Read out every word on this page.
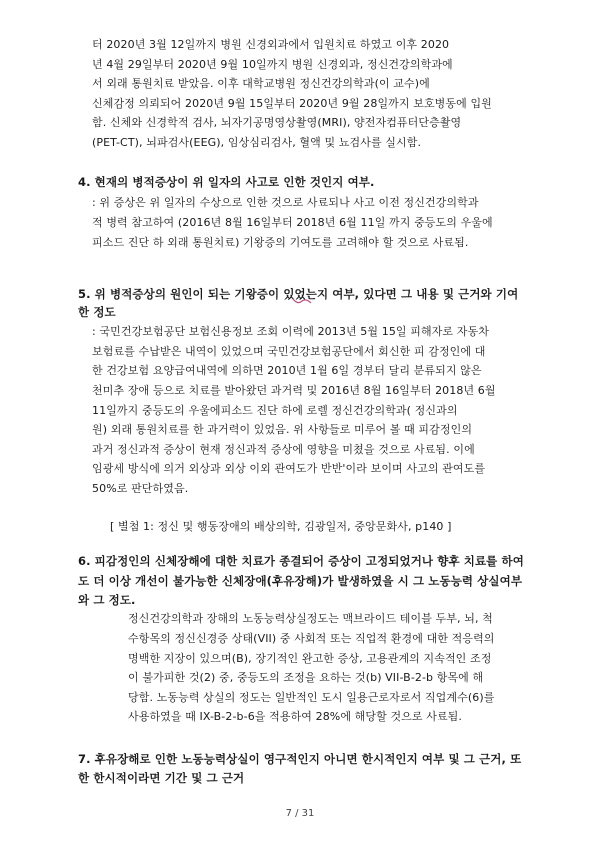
터 2020년 3월 12일까지 병원 신경외과에서 입원치료 하였고 이후 2020
년 4월 29일부터 2020년 9월 10일까지 병원 신경외과, 정신건강의학과에
서 외래 통원치료 받았음. 이후 대학교병원 정신건강의학과(이 교수)에
신체감정 의뢰되어 2020년 9월 15일부터 2020년 9월 28일까지 보호병동에 입원
함. 신체와 신경학적 검사, 뇌자기공명영상촬영(MRI), 양전자컴퓨터단층촬영
(PET-CT), 뇌파검사(EEG), 임상심리검사, 혈액 및 뇨검사를 실시함.
4. 현재의 병적증상이 위 일자의 사고로 인한 것인지 여부.
: 위 증상은 위 일자의 수상으로 인한 것으로 사료되나 사고 이전 정신건강의학과
적 병력 참고하여 (2016년 8월 16일부터 2018년 6월 11일 까지 중등도의 우울에
피소드 진단 하 외래 통원치료) 기왕증의 기여도를 고려해야 할 것으로 사료됨.
5. 위 병적증상의 원인이 되는 기왕증이 있었는지 여부, 있다면 그 내용 및 근거와 기여
한 정도
: 국민건강보험공단 보험신용정보 조회 이력에 2013년 5월 15일 피해자로 자동차
보험료를 수납받은 내역이 있었으며 국민건강보험공단에서 회신한 피 감정인에 대
한 건강보험 요양급여내역에 의하면 2010년 1월 6일 경부터 달리 분류되지 않은
천미추 장애 등으로 치료를 받아왔던 과거력 및 2016년 8월 16일부터 2018년 6월
11일까지 중등도의 우울에피소드 진단 하에 로렐 정신건강의학과( 정신과의
원) 외래 통원치료를 한 과거력이 있었음. 위 사항들로 미루어 볼 때 피감정인의
과거 정신과적 증상이 현재 정신과적 증상에 영향을 미쳤을 것으로 사료됨. 이에
임광세 방식에 의거 외상과 외상 이외 관여도가 반반'이라 보이며 사고의 관여도를
50%로 판단하였음.
[ 별첨 1: 정신 및 행동장애의 배상의학, 김광일저, 중앙문화사, p140 ]
6. 피감정인의 신체장해에 대한 치료가 종결되어 증상이 고정되었거나 향후 치료를 하여
도 더 이상 개선이 불가능한 신체장애(후유장해)가 발생하였을 시 그 노동능력 상실여부
와 그 정도.
정신건강의학과 장해의 노동능력상실정도는 맥브라이드 테이블 두부, 뇌, 척
수항목의 정신신경증 상태(VII) 중 사회적 또는 직업적 환경에 대한 적응력의
명백한 지장이 있으며(B), 장기적인 완고한 증상, 고용관계의 지속적인 조정
이 불가피한 것(2) 중, 중등도의 조정을 요하는 것(b) VII-B-2-b 항목에 해
당함. 노동능력 상실의 정도는 일반적인 도시 일용근로자로서 직업계수(6)를
사용하였을 때 IX-B-2-b-6을 적용하여 28%에 해당할 것으로 사료됨.
7. 후유장해로 인한 노동능력상실이 영구적인지 아니면 한시적인지 여부 및 그 근거, 또
한 한시적이라면 기간 및 그 근거
7 / 31
